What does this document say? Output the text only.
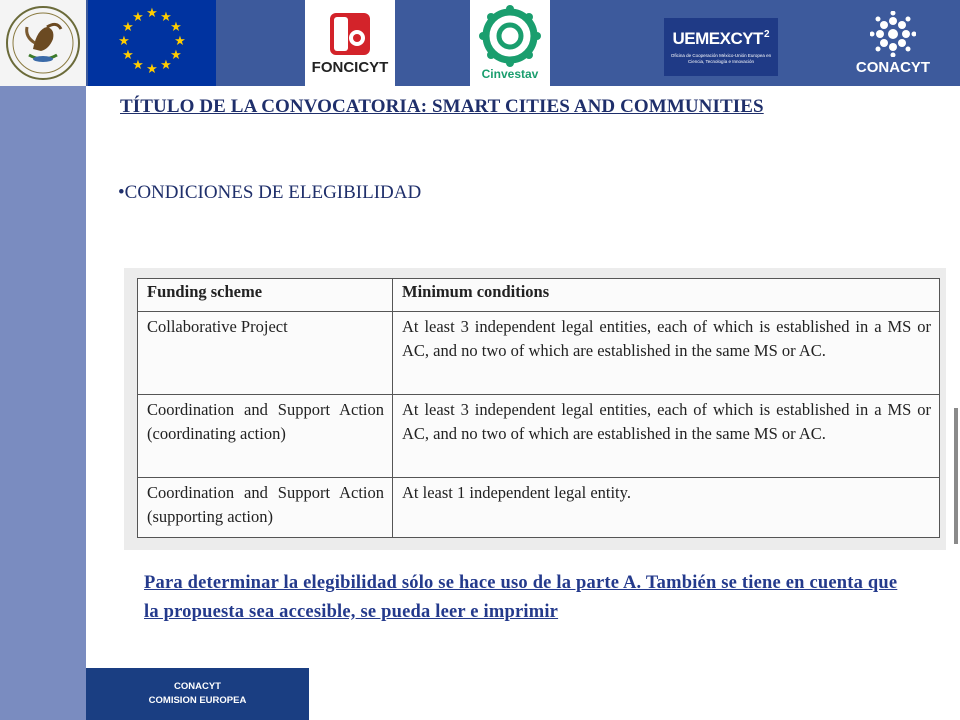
★ ★
★
★
★
★
★
★
★
★
★
★
FONCICYT	Cinvestav
UEMEXCYT 2
Oficina de Cooperación México-Unión Europea en Ciencia, Tecnología e Innovación	CONACYT
TÍTULO DE LA CONVOCATORIA: SMART CITIES AND COMMUNITIES
•CONDICIONES DE ELEGIBILIDAD
Funding scheme	Minimum conditions
Collaborative Project	At least 3 independent legal entities, each of which is established in a MS or AC, and no two of which are established in the same MS or AC.
Coordination and Support Action (coordinating action)	At least 3 independent legal entities, each of which is established in a MS or AC, and no two of which are established in the same MS or AC.
Coordination and Support Action (supporting action)	At least 1 independent legal entity.
Para determinar la elegibilidad sólo se hace uso de la parte A. También se tiene en cuenta que la propuesta sea accesible, se pueda leer e imprimir
CONACYT
COMISION EUROPEA
